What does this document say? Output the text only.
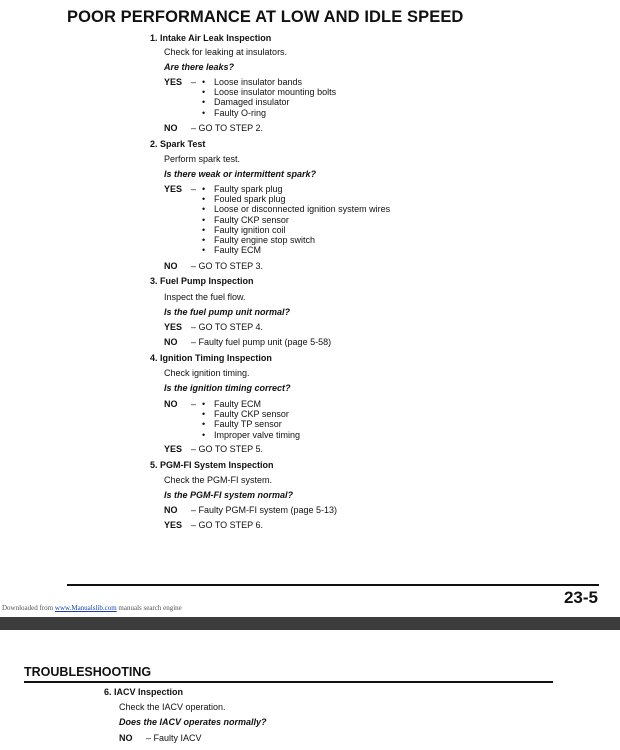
POOR PERFORMANCE AT LOW AND IDLE SPEED
1. Intake Air Leak Inspection
Check for leaking at insulators.
Are there leaks?
YES –	• Loose insulator bands
• Loose insulator mounting bolts
• Damaged insulator
• Faulty O-ring
NO – GO TO STEP 2.
2. Spark Test
Perform spark test.
Is there weak or intermittent spark?
YES –	• Faulty spark plug
• Fouled spark plug
• Loose or disconnected ignition system wires
• Faulty CKP sensor
• Faulty ignition coil
• Faulty engine stop switch
• Faulty ECM
NO – GO TO STEP 3.
3. Fuel Pump Inspection
Inspect the fuel flow.
Is the fuel pump unit normal?
YES – GO TO STEP 4.
NO – Faulty fuel pump unit (page 5-58)
4. Ignition Timing Inspection
Check ignition timing.
Is the ignition timing correct?
NO –	• Faulty ECM
• Faulty CKP sensor
• Faulty TP sensor
• Improper valve timing
YES – GO TO STEP 5.
5. PGM-FI System Inspection
Check the PGM-FI system.
Is the PGM-FI system normal?
NO – Faulty PGM-FI system (page 5-13)
YES – GO TO STEP 6.
23-5
Downloaded from www.Manualslib.com manuals search engine
TROUBLESHOOTING
6. IACV Inspection
Check the IACV operation.
Does the IACV operates normally?
NO – Faulty IACV
